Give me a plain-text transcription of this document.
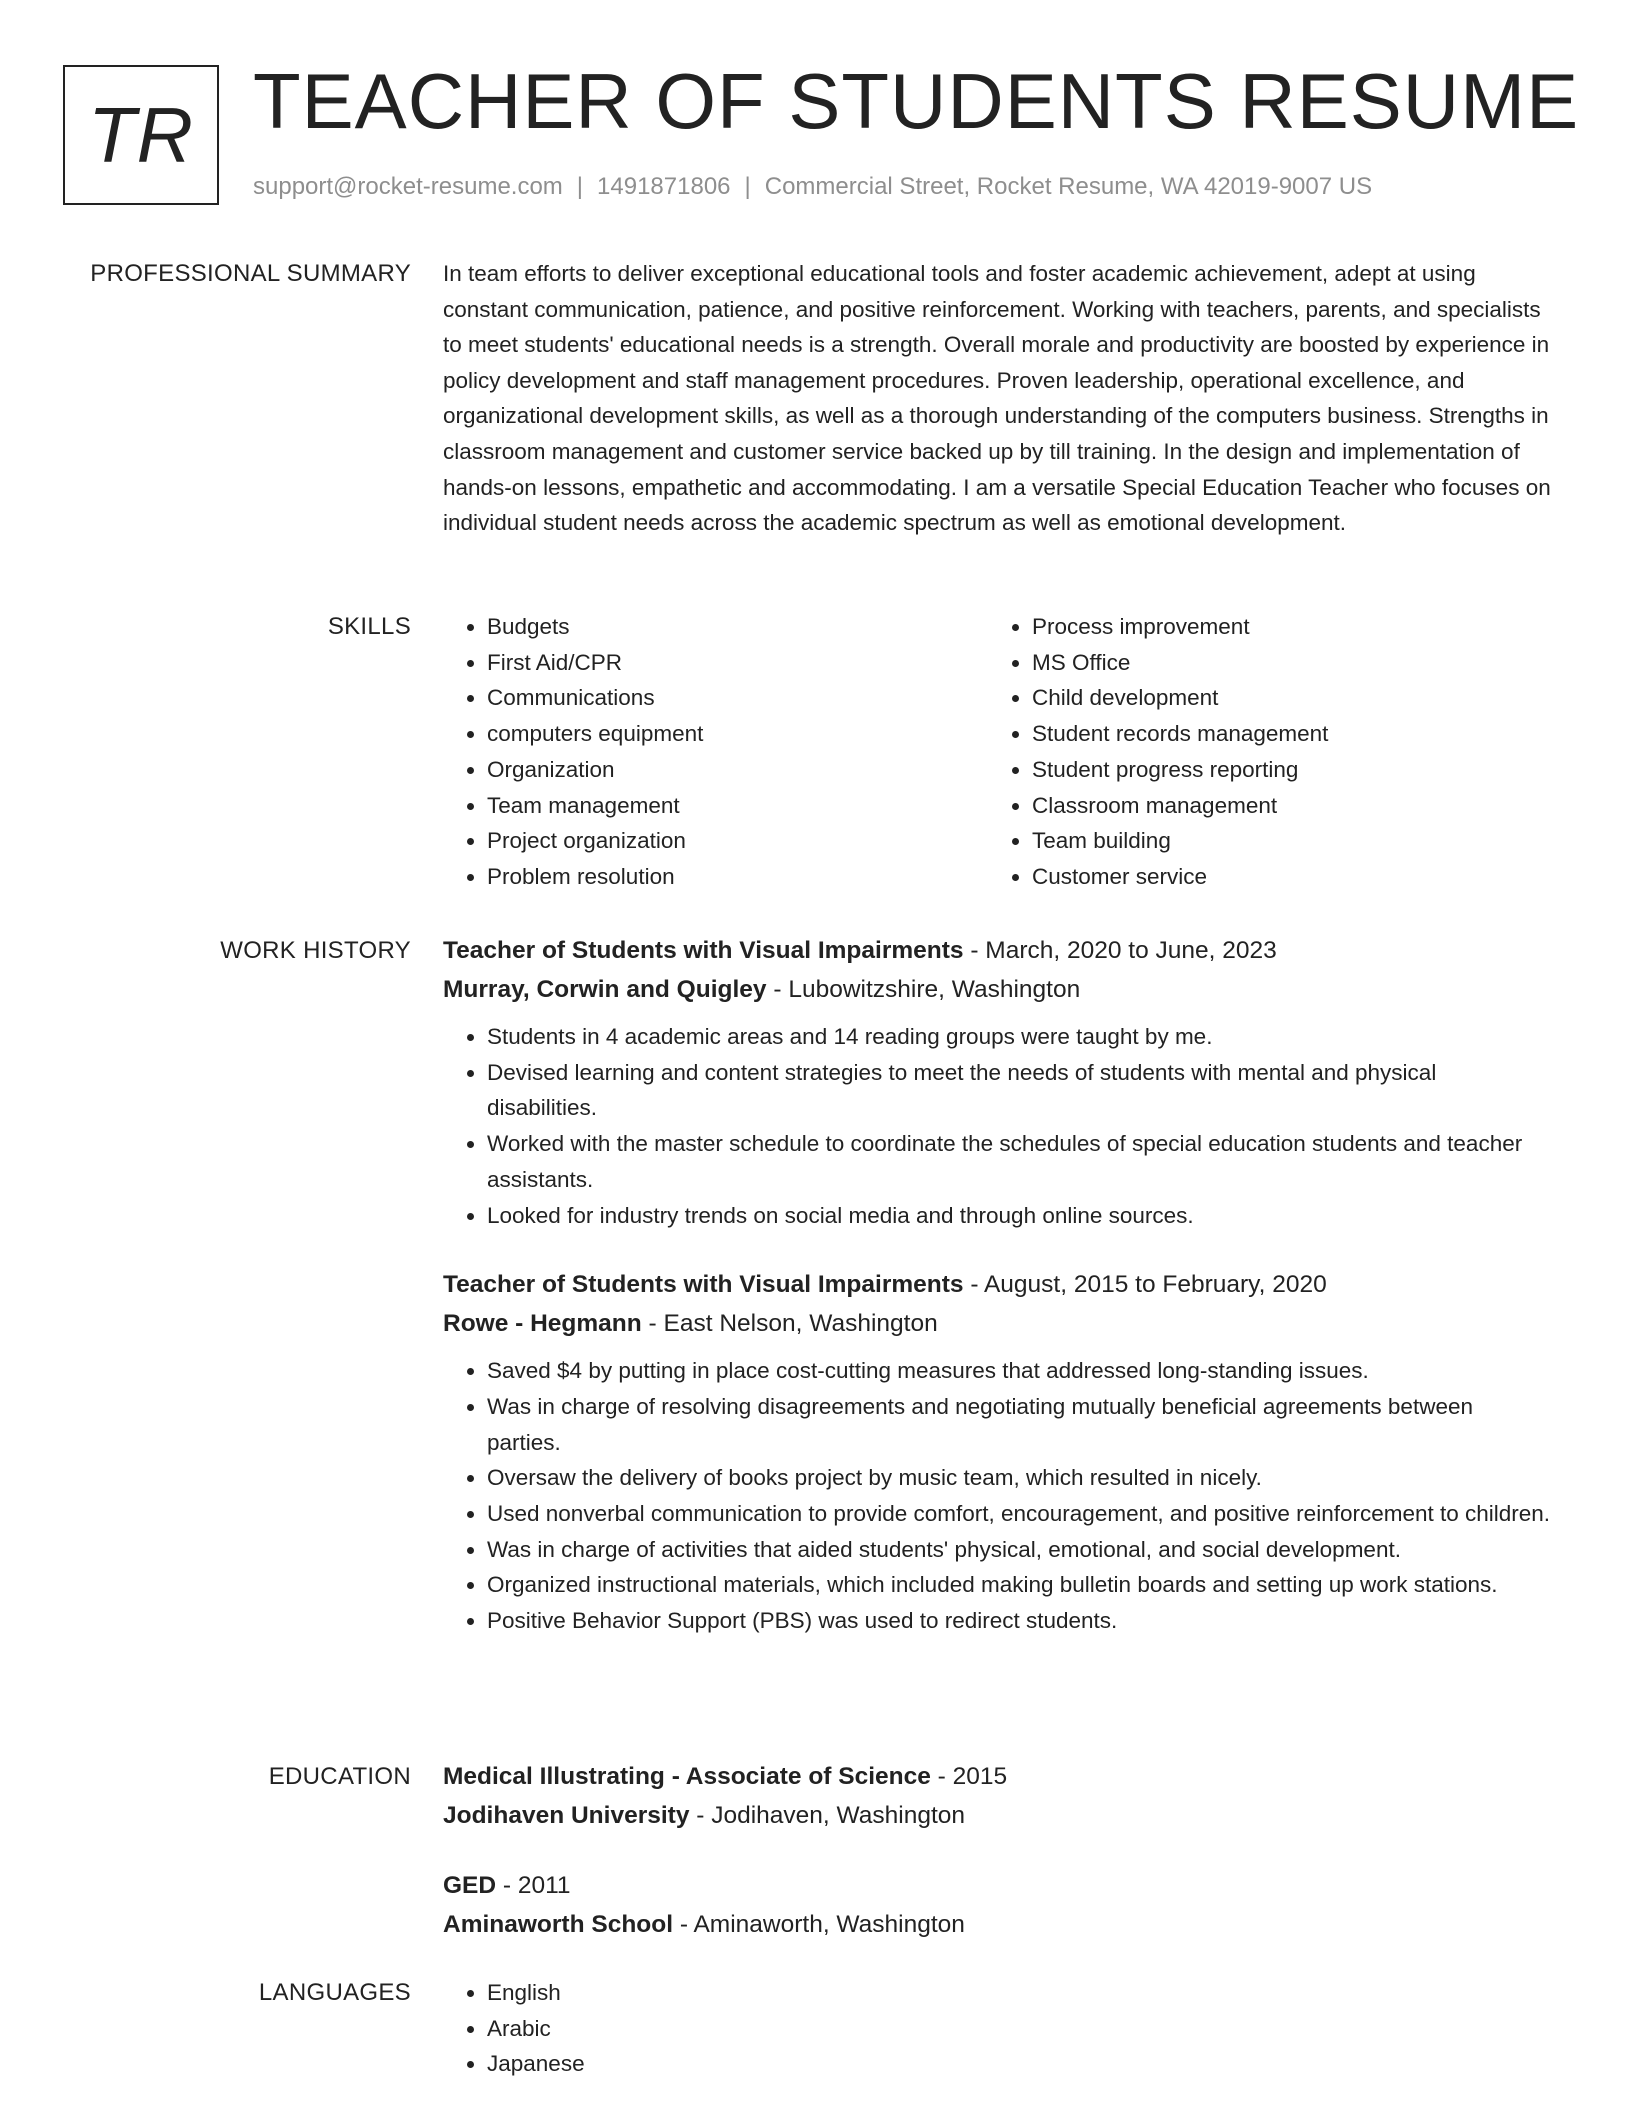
TR TEACHER OF STUDENTS RESUME
support@rocket-resume.com | 1491871806 | Commercial Street, Rocket Resume, WA 42019-9007 US
PROFESSIONAL SUMMARY In team efforts to deliver exceptional educational tools and foster academic achievement, adept at using constant communication, patience, and positive reinforcement. Working with teachers, parents, and specialists to meet students' educational needs is a strength. Overall morale and productivity are boosted by experience in policy development and staff management procedures. Proven leadership, operational excellence, and organizational development skills, as well as a thorough understanding of the computers business. Strengths in classroom management and customer service backed up by till training. In the design and implementation of hands-on lessons, empathetic and accommodating. I am a versatile Special Education Teacher who focuses on individual student needs across the academic spectrum as well as emotional development.

SKILLS	• Budgets
• First Aid/CPR
• Communications
• computers equipment
• Organization
• Team management
• Project organization
• Problem resolution
• Process improvement
• MS Office
• Child development
• Student records management
• Student progress reporting
• Classroom management
• Team building
• Customer service
WORK HISTORY Teacher of Students with Visual Impairments - March, 2020 to June, 2023
Murray, Corwin and Quigley - Lubowitzshire, Washington
• Students in 4 academic areas and 14 reading groups were taught by me.
• Devised learning and content strategies to meet the needs of students with mental and physical disabilities.
• Worked with the master schedule to coordinate the schedules of special education students and teacher assistants.
• Looked for industry trends on social media and through online sources.
Teacher of Students with Visual Impairments - August, 2015 to February, 2020
Rowe - Hegmann - East Nelson, Washington
• Saved $4 by putting in place cost-cutting measures that addressed long-standing issues.
• Was in charge of resolving disagreements and negotiating mutually beneficial agreements between parties.
• Oversaw the delivery of books project by music team, which resulted in nicely.
• Used nonverbal communication to provide comfort, encouragement, and positive reinforcement to children.
• Was in charge of activities that aided students' physical, emotional, and social development.
• Organized instructional materials, which included making bulletin boards and setting up work stations.
• Positive Behavior Support (PBS) was used to redirect students.
EDUCATION Medical Illustrating - Associate of Science - 2015
Jodihaven University - Jodihaven, Washington
GED - 2011
Aminaworth School - Aminaworth, Washington
LANGUAGES	• English
• Arabic
• Japanese
